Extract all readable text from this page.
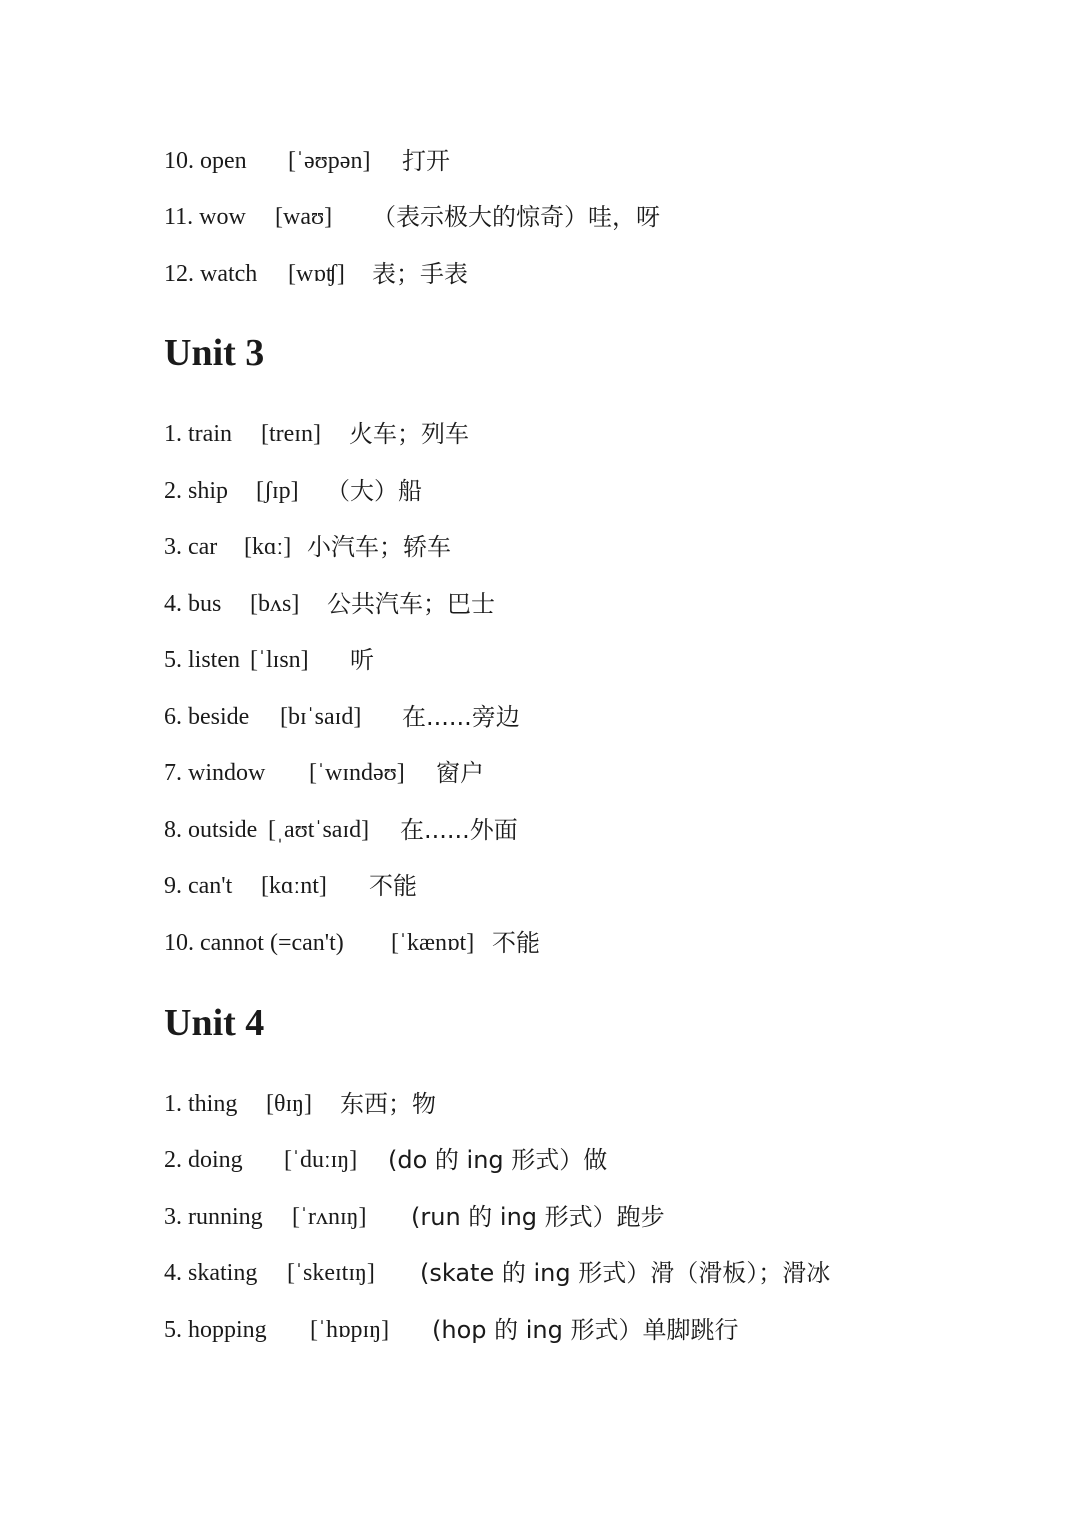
10. open [ˈəʊpən] 打开
11. wow [waʊ] （表示极大的惊奇）哇，呀
12. watch [wɒʧ] 表；手表
Unit 3
1. train [treɪn] 火车；列车
2. ship [ʃɪp] （大）船
3. car [kɑː] 小汽车；轿车
4. bus [bʌs] 公共汽车；巴士
5. listen [ˈlɪsn] 听
6. beside [bɪˈsaɪd] 在......旁边
7. window [ˈwɪndəʊ] 窗户
8. outside [ˌaʊtˈsaɪd] 在......外面
9. can't [kɑːnt] 不能
10. cannot (=can't) [ˈkænɒt] 不能
Unit 4
1. thing [θɪŋ] 东西；物
2. doing [ˈduːɪŋ] (do 的 ing 形式）做
3. running [ˈrʌnɪŋ] (run 的 ing 形式）跑步
4. skating [ˈskeɪtɪŋ] (skate 的 ing 形式）滑（滑板）；滑冰
5. hopping [ˈhɒpɪŋ] (hop 的 ing 形式）单脚跳行
